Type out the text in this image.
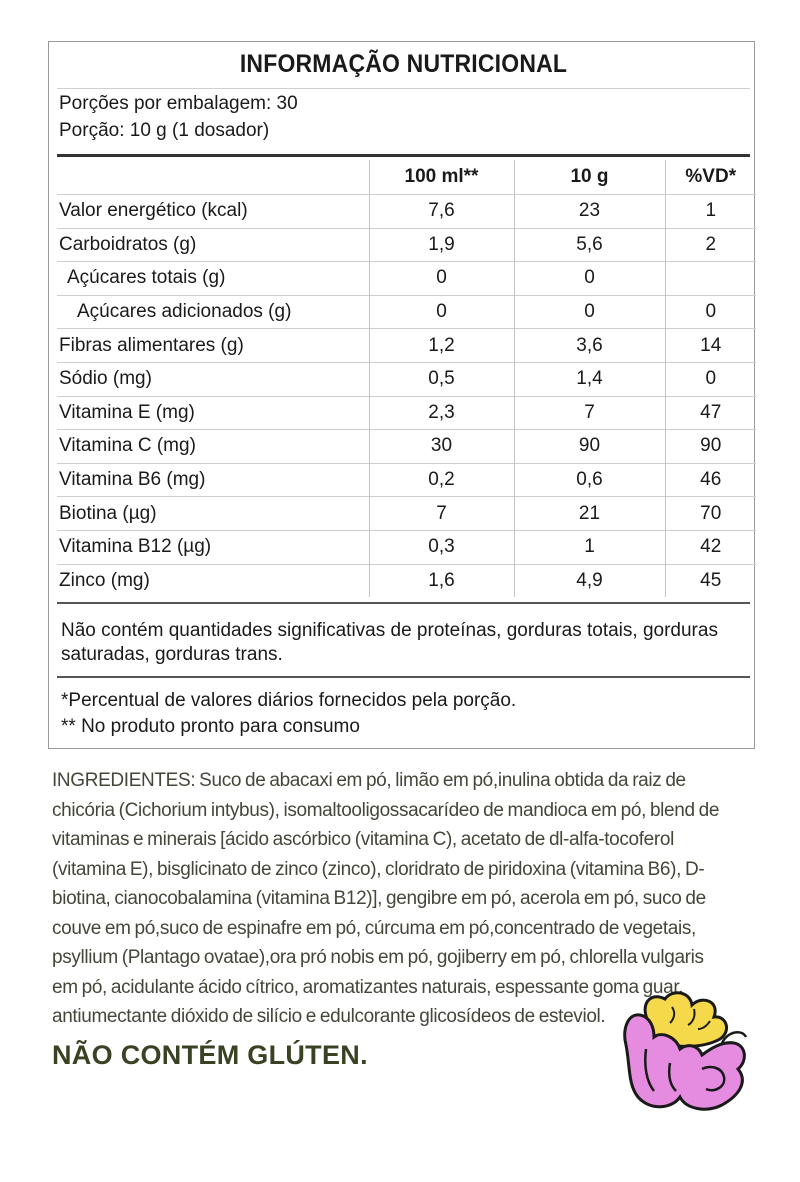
INFORMAÇÃO NUTRICIONAL
Porções por embalagem: 30
Porção: 10 g (1 dosador)
	100 ml**	10 g	%VD*
Valor energético (kcal)	7,6	23	1
Carboidratos (g)	1,9	5,6	2
Açúcares totais (g)	0	0	
Açúcares adicionados (g)	0	0	0
Fibras alimentares (g)	1,2	3,6	14
Sódio (mg)	0,5	1,4	0
Vitamina E (mg)	2,3	7	47
Vitamina C (mg)	30	90	90
Vitamina B6 (mg)	0,2	0,6	46
Biotina (µg)	7	21	70
Vitamina B12 (µg)	0,3	1	42
Zinco (mg)	1,6	4,9	45
Não contém quantidades significativas de proteínas, gorduras totais, gorduras saturadas, gorduras trans.
*Percentual de valores diários fornecidos pela porção.
** No produto pronto para consumo
INGREDIENTES: Suco de abacaxi em pó, limão em pó,inulina obtida da raiz de chicória (Cichorium intybus), isomaltooligossacarídeo de mandioca em pó, blend de vitaminas e minerais [ácido ascórbico (vitamina C), acetato de dl-alfa-tocoferol (vitamina E), bisglicinato de zinco (zinco), cloridrato de piridoxina (vitamina B6), D-biotina, cianocobalamina (vitamina B12)], gengibre em pó, acerola em pó, suco de couve em pó,suco de espinafre em pó, cúrcuma em pó,concentrado de vegetais, psyllium (Plantago ovatae),ora pró nobis em pó, gojiberry em pó, chlorella vulgaris em pó, acidulante ácido cítrico, aromatizantes naturais, espessante goma guar, antiumectante dióxido de silício e edulcorante glicosídeos de esteviol.
NÃO CONTÉM GLÚTEN.
